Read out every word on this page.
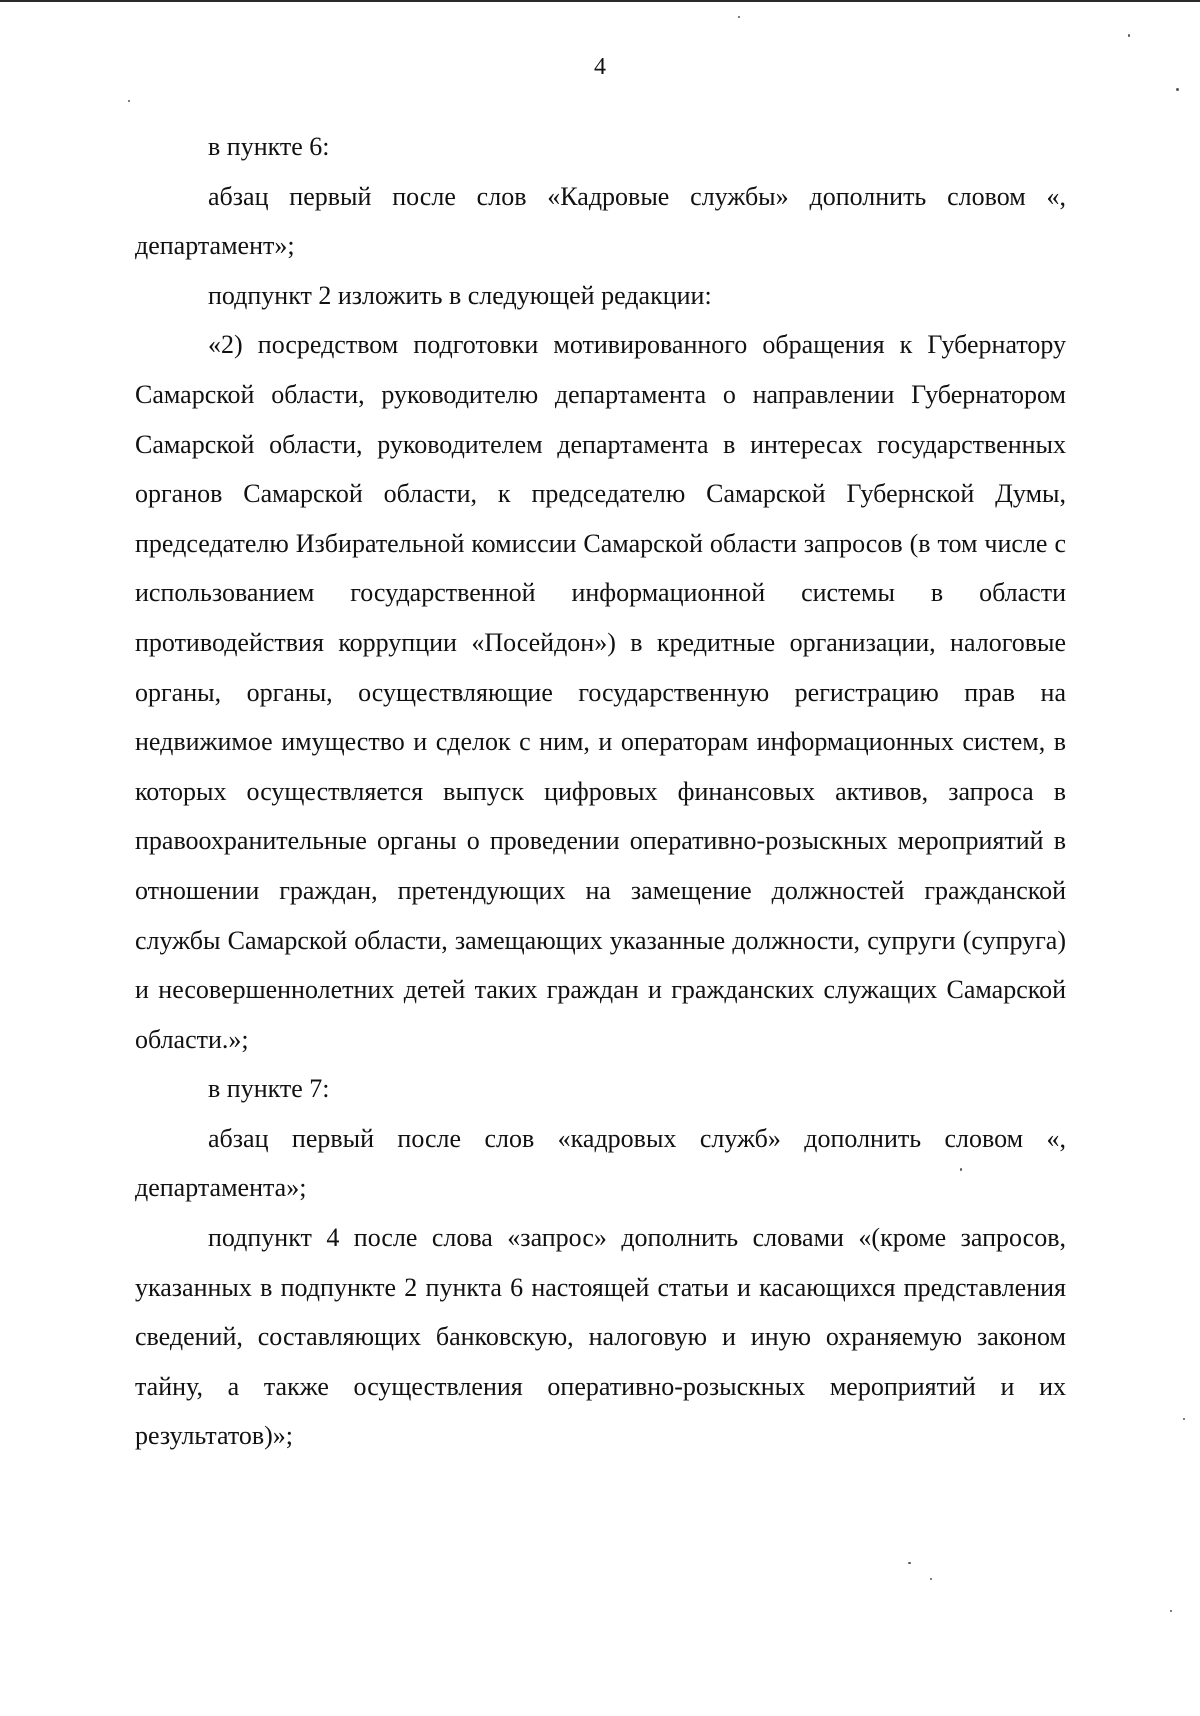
4

в пункте 6:

абзац первый после слов «Кадровые службы» дополнить словом «, департамент»;

подпункт 2 изложить в следующей редакции:

«2) посредством подготовки мотивированного обращения к Губернатору Самарской области, руководителю департамента о направлении Губернатором Самарской области, руководителем департамента в интересах государственных органов Самарской области, к председателю Самарской Губернской Думы, председателю Избирательной комиссии Самарской области запросов (в том числе с использованием государственной информационной системы в области противодействия коррупции «Посейдон») в кредитные организации, налоговые органы, органы, осуществляющие государственную регистрацию прав на недвижимое имущество и сделок с ним, и операторам информационных систем, в которых осуществляется выпуск цифровых финансовых активов, запроса в правоохранительные органы о проведении оперативно-розыскных мероприятий в отношении граждан, претендующих на замещение должностей гражданской службы Самарской области, замещающих указанные должности, супруги (супруга) и несовершеннолетних детей таких граждан и гражданских служащих Самарской области.»;

в пункте 7:

абзац первый после слов «кадровых служб» дополнить словом «, департамента»;

подпункт 4 после слова «запрос» дополнить словами «(кроме запросов, указанных в подпункте 2 пункта 6 настоящей статьи и касающихся представления сведений, составляющих банковскую, налоговую и иную охраняемую законом тайну, а также осуществления оперативно-розыскных мероприятий и их результатов)»;
